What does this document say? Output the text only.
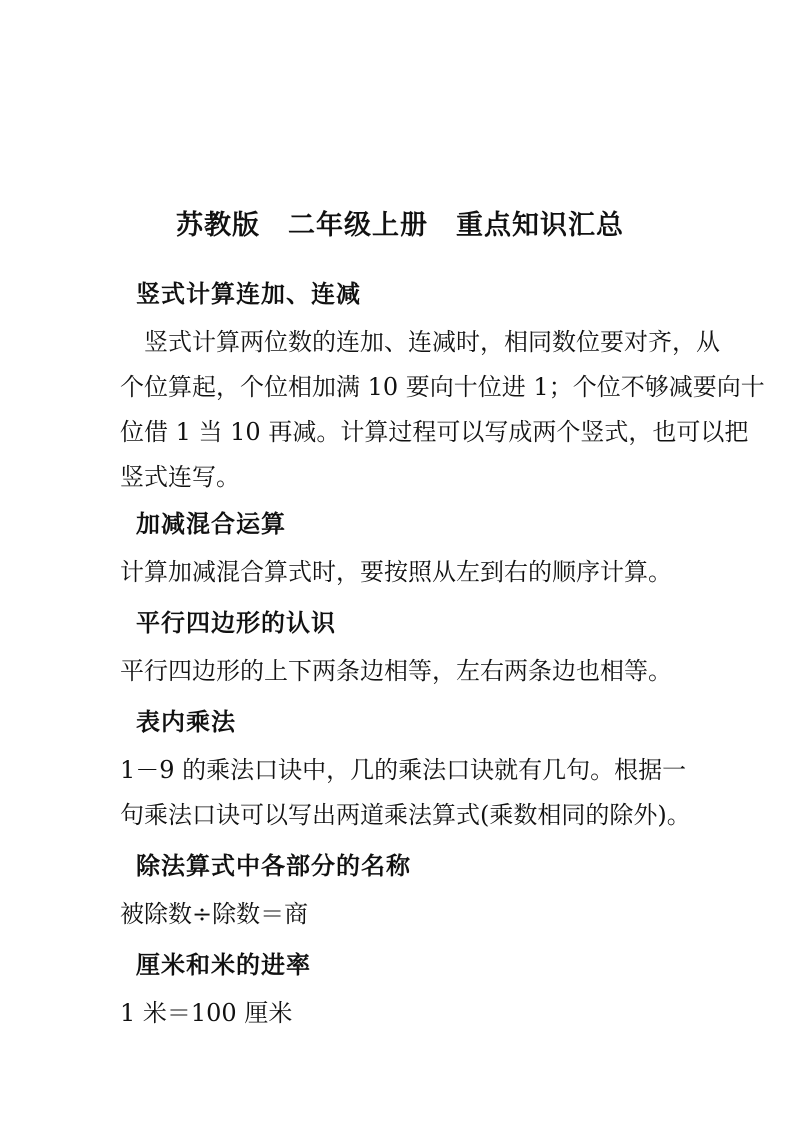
苏教版　二年级上册　重点知识汇总
竖式计算连加、连减

　竖式计算两位数的连加、连减时，相同数位要对齐，从
个位算起，个位相加满 10 要向十位进 1；个位不够减要向十
位借 1 当 10 再减。计算过程可以写成两个竖式，也可以把
竖式连写。

加减混合运算

计算加减混合算式时，要按照从左到右的顺序计算。

平行四边形的认识

平行四边形的上下两条边相等，左右两条边也相等。

表内乘法

1－9 的乘法口诀中，几的乘法口诀就有几句。根据一
句乘法口诀可以写出两道乘法算式(乘数相同的除外)。

除法算式中各部分的名称

被除数÷除数＝商

厘米和米的进率

1 米＝100 厘米
